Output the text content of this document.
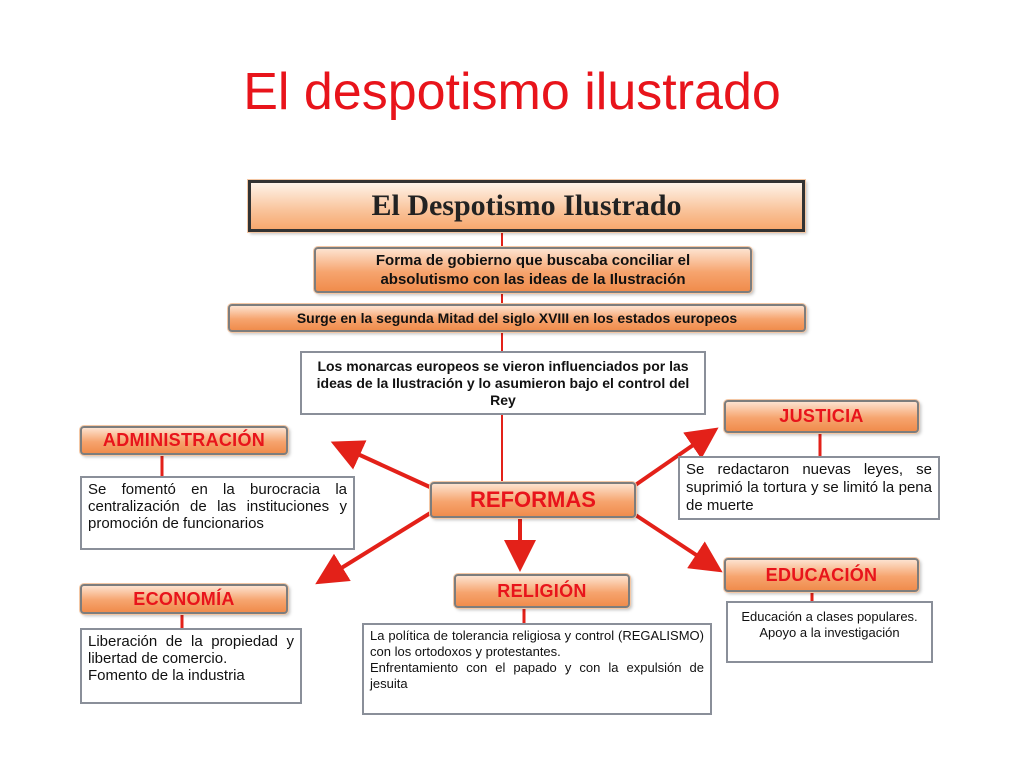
El despotismo ilustrado
El Despotismo Ilustrado
Forma de gobierno que buscaba conciliar el absolutismo con las ideas de la Ilustración
Surge en la segunda Mitad del siglo XVIII en los estados europeos
Los monarcas europeos se vieron influenciados por las ideas de la Ilustración y lo asumieron bajo el control del Rey
REFORMAS
ADMINISTRACIÓN
Se fomentó en la burocracia la centralización de las instituciones y promoción de funcionarios
ECONOMÍA
Liberación de la propiedad y libertad de comercio.
Fomento de la industria
RELIGIÓN
La política de tolerancia religiosa y control (REGALISMO) con los ortodoxos y protestantes.
Enfrentamiento con el papado y con la expulsión de jesuita
JUSTICIA
Se redactaron nuevas leyes, se suprimió la tortura y se limitó la pena de muerte
EDUCACIÓN
Educación a clases populares.
Apoyo a la investigación
